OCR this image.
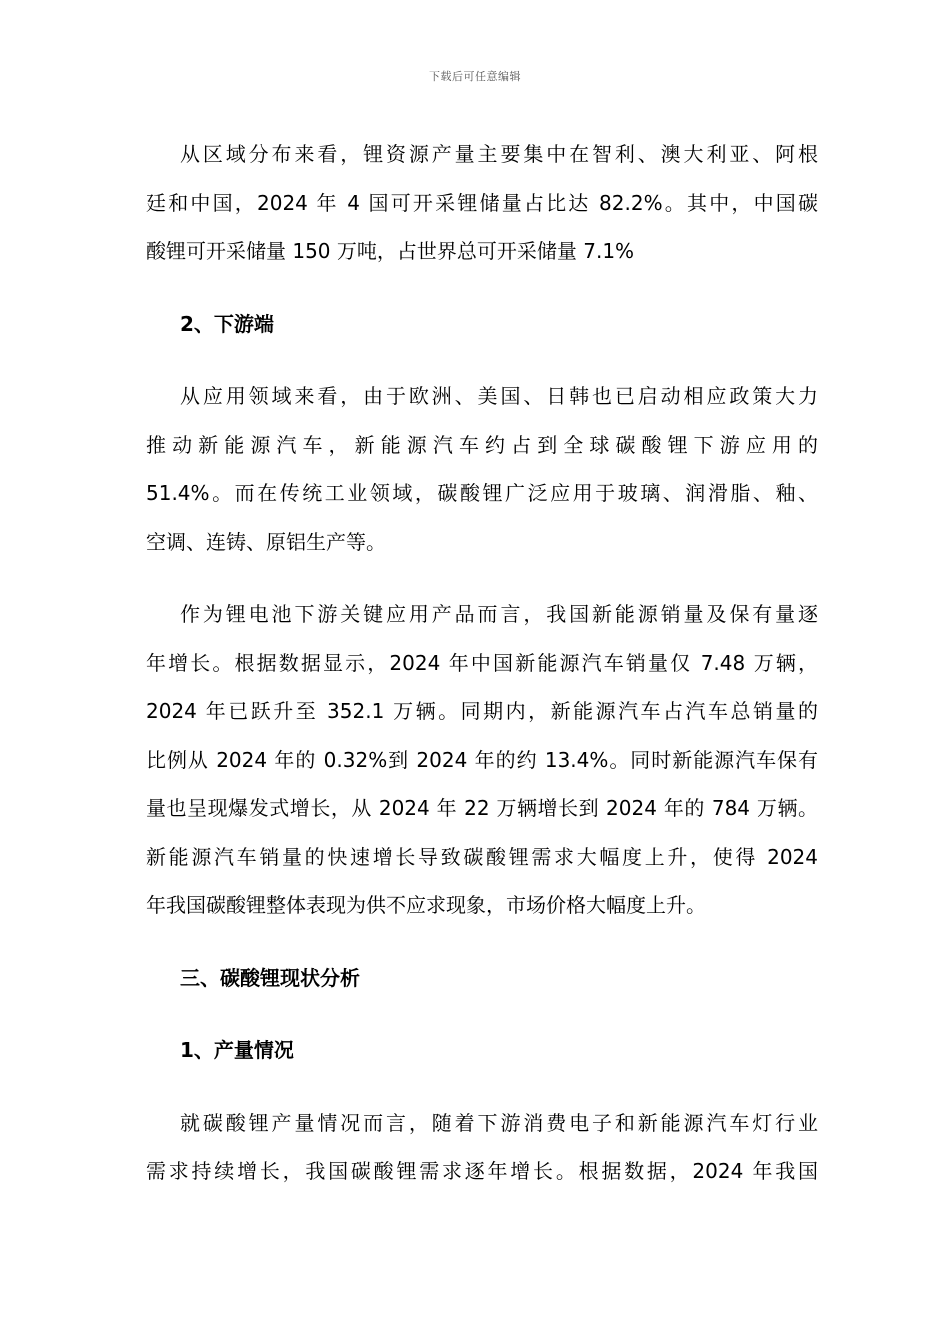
下载后可任意编辑

从区域分布来看，锂资源产量主要集中在智利、澳大利亚、阿根
廷和中国，2024 年 4 国可开采锂储量占比达 82.2%。其中，中国碳
酸锂可开采储量 150 万吨，占世界总可开采储量 7.1%

2、下游端

从应用领域来看，由于欧洲、美国、日韩也已启动相应政策大力
推动新能源汽车，新能源汽车约占到全球碳酸锂下游应用的
51.4%。而在传统工业领域，碳酸锂广泛应用于玻璃、润滑脂、釉、
空调、连铸、原铝生产等。

作为锂电池下游关键应用产品而言，我国新能源销量及保有量逐
年增长。根据数据显示，2024 年中国新能源汽车销量仅 7.48 万辆，
2024 年已跃升至 352.1 万辆。同期内，新能源汽车占汽车总销量的
比例从 2024 年的 0.32%到 2024 年的约 13.4%。同时新能源汽车保有
量也呈现爆发式增长，从 2024 年 22 万辆增长到 2024 年的 784 万辆。
新能源汽车销量的快速增长导致碳酸锂需求大幅度上升，使得 2024
年我国碳酸锂整体表现为供不应求现象，市场价格大幅度上升。

三、碳酸锂现状分析
1、产量情况

就碳酸锂产量情况而言，随着下游消费电子和新能源汽车灯行业
需求持续增长，我国碳酸锂需求逐年增长。根据数据，2024 年我国
